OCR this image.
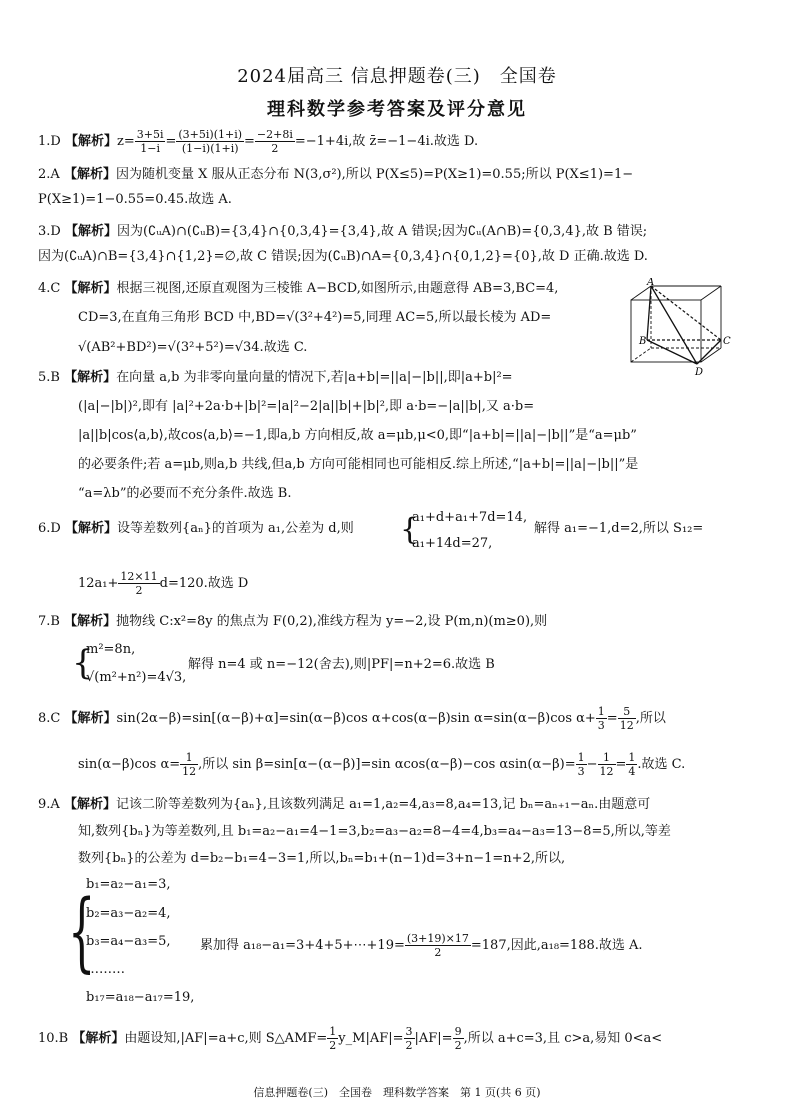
2024届高三 信息押题卷(三)　全国卷
理科数学参考答案及评分意见
1.D 【解析】$z= \frac{3+5i}{1-i} = \frac{(3+5i)(1+i)}{(1-i)(1+i)} = \frac{-2+8i}{2} =-1+4i$,故 z̄=−1−4i.故选 D.
2.A 【解析】因为随机变量 X 服从正态分布 N(3,σ²),所以 P(X≤5)=P(X≥1)=0.55;所以 P(X≤1)=1−
P(X≥1)=1−0.55=0.45.故选 A.
3.D 【解析】因为(∁ᵤA)∩(∁ᵤB)={3,4}∩{0,3,4}={3,4},故 A 错误;因为∁ᵤ(A∩B)={0,3,4},故 B 错误;
因为(∁ᵤA)∩B={3,4}∩{1,2}=∅,故 C 错误;因为(∁ᵤB)∩A={0,3,4}∩{0,1,2}={0},故 D 正确.故选 D.
4.C 【解析】根据三视图,还原直观图为三棱锥 A−BCD,如图所示,由题意得 AB=3,BC=4,
CD=3,在直角三角形 BCD 中,BD=√(3²+4²)=5,同理 AC=5,所以最长棱为 AD=
√(AB²+BD²)=√(3²+5²)=√34.故选 C.
A
B	C
D
5.B 【解析】在向量 a,b 为非零向量向量的情况下,若|a+b|=||a|−|b||,即|a+b|²=
(|a|−|b|)²,即有 |a|²+2a·b+|b|²=|a|²−2|a||b|+|b|²,即 a·b=−|a||b|,又 a·b=
|a||b|cos⟨a,b⟩,故cos⟨a,b⟩=−1,即a,b 方向相反,故 a=μb,μ<0,即“|a+b|=||a|−|b||”是“a=μb”
的必要条件;若 a=μb,则a,b 共线,但a,b 方向可能相同也可能相反.综上所述,“|a+b|=||a|−|b||”是
“a=λb”的必要而不充分条件.故选 B.
6.D 【解析】设等差数列{aₙ}的首项为 a₁,公差为 d,则 {
a₁+d+a₁+7d=14,
a₁+14d=27,
解得 a₁=−1,d=2,所以 S₁₂=
$12a_1+ \frac{12\times 11}{2} d=120$.故选 D
7.B 【解析】抛物线 C:x²=8y 的焦点为 F(0,2),准线方程为 y=−2,设 P(m,n)(m≥0),则
{
m²=8n,
√(m²+n²)=4√3,
解得 n=4 或 n=−12(舍去),则|PF|=n+2=6.故选 B
8.C 【解析】sin(2α−β)=sin[(α−β)+α]=sin(α−β)cos α+cos(α−β)sin α=sin(α−β)cos $\alpha+ \frac{1}{3} = \frac{5}{12}$ ,所以
sin(α−β)cos $\alpha= \frac{1}{12}$ ,所以 sin β=sin[α−(α−β)]=sin αcos(α−β)−cos $\alpha\sin(\alpha-\beta)= \frac{1}{3} - \frac{1}{12} = \frac{1}{4}$ .故选 C.
9.A 【解析】记该二阶等差数列为{aₙ},且该数列满足 a₁=1,a₂=4,a₃=8,a₄=13,记 bₙ=aₙ₊₁−aₙ.由题意可
知,数列{bₙ}为等差数列,且 b₁=a₂−a₁=4−1=3,b₂=a₃−a₂=8−4=4,b₃=a₄−a₃=13−8=5,所以,等差
数列{bₙ}的公差为 d=b₂−b₁=4−3=1,所以,bₙ=b₁+(n−1)d=3+n−1=n+2,所以,
{
b₁=a₂−a₁=3,
b₂=a₃−a₂=4,
b₃=a₄−a₃=5,
………
b₁₇=a₁₈−a₁₇=19,
累加得 a₁₈−a₁=3+4+5+⋯+19= $\frac{(3+19)\times 17}{2} =187$,因此,a₁₈=188.故选 A.
10.B 【解析】由题设知,|AF|=a+c,则 S△AMF= $\frac{1}{2}$ y_M|AF|= $\frac{3}{2} |AF|= \frac{9}{2}$ ,所以 a+c=3,且 c>a,易知 0<a<
信息押题卷(三)　全国卷　理科数学答案　第 1 页(共 6 页)
